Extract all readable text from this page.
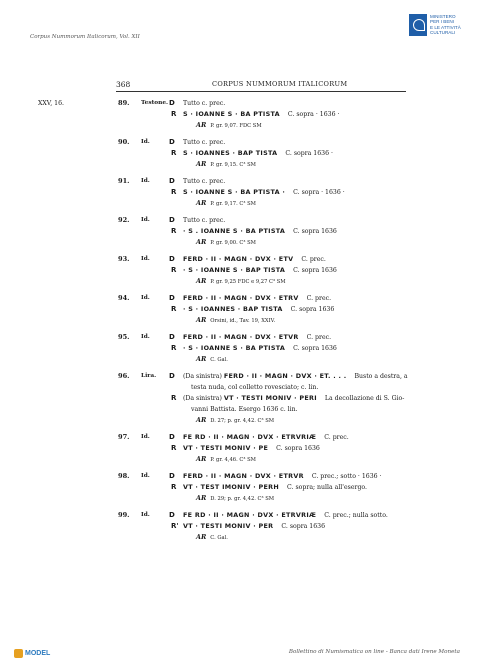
Corpus Nummorum Italicorum, Vol. XII
MINISTERO
PER I BENI
E LE ATTIVITÀ
CULTURALI
368	CORPUS NUMMORUM ITALICORUM
XXV, 16.	89. Testone. D Tutto c. prec.
R S · IOANNE S · BA PTISTA C. sopra · 1636 ·
AR P. gr. 9,07. FDC SM
90. Id.	D Tutto c. prec.
R S · IOANNES · BAP TISTA C. sopra 1636 ·
AR P. gr. 9,15. C³ SM
91. Id.	D Tutto c. prec.
R S · IOANNE S · BA PTISTA · C. sopra · 1636 ·
AR P. gr. 9,17. C³ SM
92. Id.	D Tutto c. prec.
R · S . IOANNE S · BA PTISTA C. sopra 1636
AR P. gr. 9,00. C³ SM
93. Id.	D FERD · II · MAGN · DVX · ETV C. prec.
R · S · IOANNE S · BAP TISTA C. sopra 1636
AR P. gr. 9,25 FDC e 9,27 C³ SM
94. Id.	D FERD · II · MAGN · DVX · ETRV C. prec.
R · S · IOANNES · BAP TISTA C. sopra 1636
AR Orsini, id., Tav. 19, XXIV.
95. Id.	D FERD · II · MAGN · DVX · ETVR C. prec.
R · S · IOANNE S · BA PTISTA C. sopra 1636
AR C. Gal.
96. Lira. D (Da sinistra) FERD · II · MAGN · DVX · ET. . . . Busto a destra, a
testa nuda, col colletto rovesciato; c. lin.
R (Da sinistra) VT · TESTI MONIV · PERI La decollazione di S. Gio-
vanni Battista. Esergo 1636 c. lin.
AR D. 27; p. gr. 4,42. C³ SM
97. Id.	D FE RD · II · MAGN · DVX · ETRVRIÆ C. prec.
R VT · TESTI MONIV · PE C. sopra 1636
AR P. gr. 4,46. C³ SM
98. Id.	D FERD · II · MAGN · DVX · ETRVR C. prec.; sotto · 1636 ·
R VT · TEST IMONIV · PERH C. sopra; nulla all'esergo.
AR D. 29; p. gr. 4,42. C³ SM
99. Id.	D FE RD · II · MAGN · DVX · ETRVRIÆ C. prec.; nulla sotto.
R' VT · TESTI MONIV · PER C. sopra 1636
AR C. Gal.
MODEL	Bollettino di Numismatica on line - Banca dati Irene Moneta
